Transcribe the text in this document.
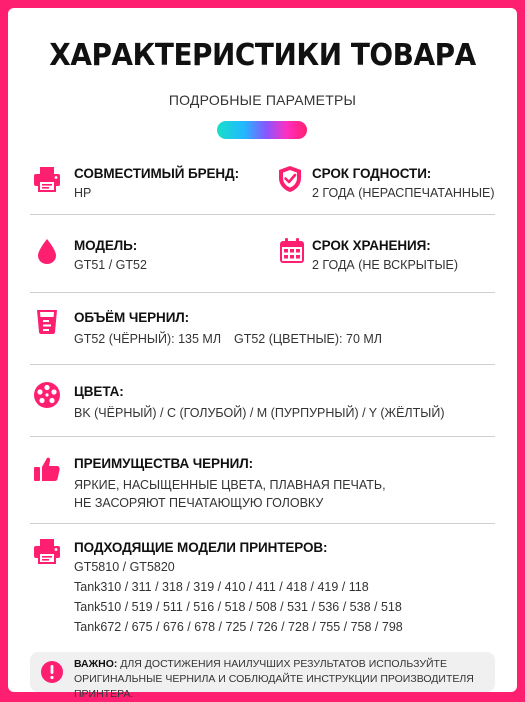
ХАРАКТЕРИСТИКИ ТОВАРА
ПОДРОБНЫЕ ПАРАМЕТРЫ
СОВМЕСТИМЫЙ БРЕНД:
HP
СРОК ГОДНОСТИ:
2 ГОДА (НЕРАСПЕЧАТАННЫЕ)
МОДЕЛЬ:
GT51 / GT52
СРОК ХРАНЕНИЯ:
2 ГОДА (НЕ ВСКРЫТЫЕ)
ОБЪЁМ ЧЕРНИЛ:
GT52 (ЧЁРНЫЙ): 135 МЛ GT52 (ЦВЕТНЫЕ): 70 МЛ
ЦВЕТА:
BK (ЧЁРНЫЙ) / C (ГОЛУБОЙ) / M (ПУРПУРНЫЙ) / Y (ЖЁЛТЫЙ)
ПРЕИМУЩЕСТВА ЧЕРНИЛ:
ЯРКИЕ, НАСЫЩЕННЫЕ ЦВЕТА, ПЛАВНАЯ ПЕЧАТЬ,
НЕ ЗАСОРЯЮТ ПЕЧАТАЮЩУЮ ГОЛОВКУ
ПОДХОДЯЩИЕ МОДЕЛИ ПРИНТЕРОВ:
GT5810 / GT5820
Tank310 / 311 / 318 / 319 / 410 / 411 / 418 / 419 / 118
Tank510 / 519 / 511 / 516 / 518 / 508 / 531 / 536 / 538 / 518
Tank672 / 675 / 676 / 678 / 725 / 726 / 728 / 755 / 758 / 798
ВАЖНО: ДЛЯ ДОСТИЖЕНИЯ НАИЛУЧШИХ РЕЗУЛЬТАТОВ ИСПОЛЬЗУЙТЕ ОРИГИНАЛЬНЫЕ ЧЕРНИЛА И СОБЛЮДАЙТЕ ИНСТРУКЦИИ ПРОИЗВОДИТЕЛЯ ПРИНТЕРА.
